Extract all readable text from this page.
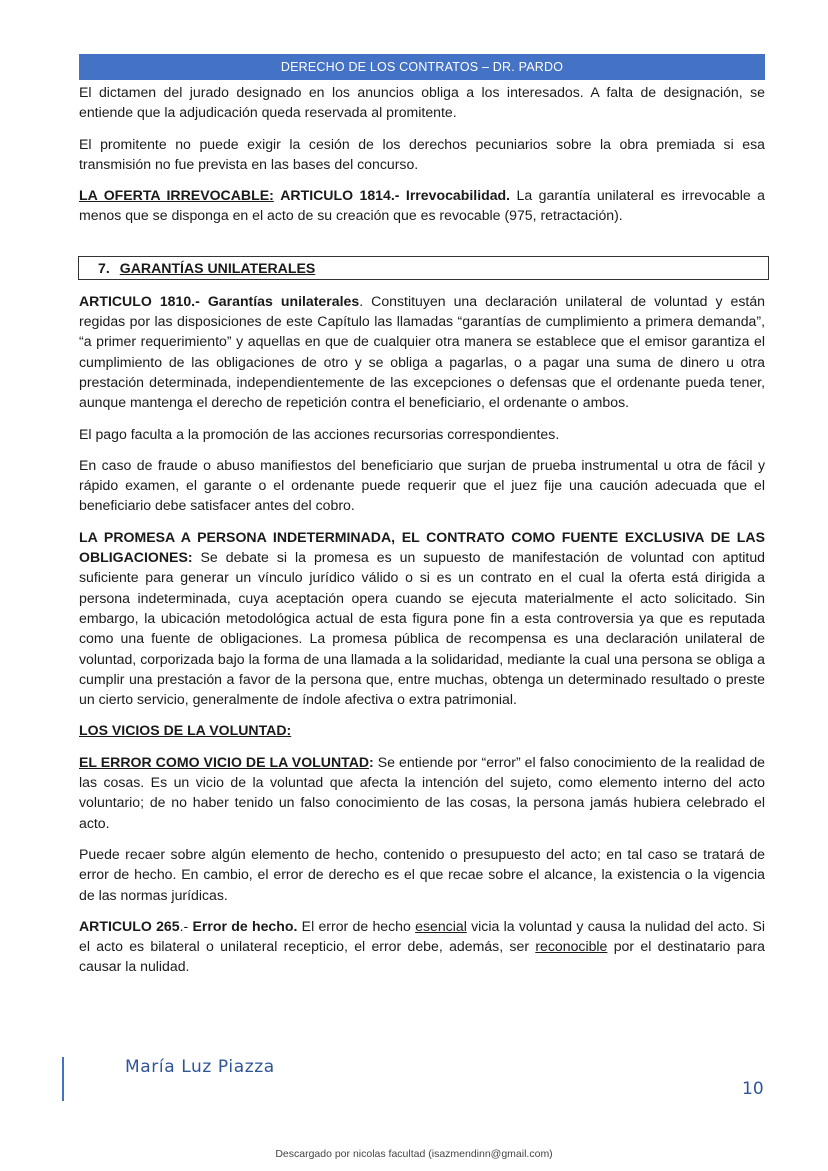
DERECHO DE LOS CONTRATOS – DR. PARDO

El dictamen del jurado designado en los anuncios obliga a los interesados. A falta de designación, se entiende que la adjudicación queda reservada al promitente.

El promitente no puede exigir la cesión de los derechos pecuniarios sobre la obra premiada si esa transmisión no fue prevista en las bases del concurso.

LA OFERTA IRREVOCABLE: ARTICULO 1814.- Irrevocabilidad. La garantía unilateral es irrevocable a menos que se disponga en el acto de su creación que es revocable (975, retractación).

7. GARANTÍAS UNILATERALES

ARTICULO 1810.- Garantías unilaterales. Constituyen una declaración unilateral de voluntad y están regidas por las disposiciones de este Capítulo las llamadas “garantías de cumplimiento a primera demanda”, “a primer requerimiento” y aquellas en que de cualquier otra manera se establece que el emisor garantiza el cumplimiento de las obligaciones de otro y se obliga a pagarlas, o a pagar una suma de dinero u otra prestación determinada, independientemente de las excepciones o defensas que el ordenante pueda tener, aunque mantenga el derecho de repetición contra el beneficiario, el ordenante o ambos.

El pago faculta a la promoción de las acciones recursorias correspondientes.

En caso de fraude o abuso manifiestos del beneficiario que surjan de prueba instrumental u otra de fácil y rápido examen, el garante o el ordenante puede requerir que el juez fije una caución adecuada que el beneficiario debe satisfacer antes del cobro.

LA PROMESA A PERSONA INDETERMINADA, EL CONTRATO COMO FUENTE EXCLUSIVA DE LAS OBLIGACIONES: Se debate si la promesa es un supuesto de manifestación de voluntad con aptitud suficiente para generar un vínculo jurídico válido o si es un contrato en el cual la oferta está dirigida a persona indeterminada, cuya aceptación opera cuando se ejecuta materialmente el acto solicitado. Sin embargo, la ubicación metodológica actual de esta figura pone fin a esta controversia ya que es reputada como una fuente de obligaciones. La promesa pública de recompensa es una declaración unilateral de voluntad, corporizada bajo la forma de una llamada a la solidaridad, mediante la cual una persona se obliga a cumplir una prestación a favor de la persona que, entre muchas, obtenga un determinado resultado o preste un cierto servicio, generalmente de índole afectiva o extra patrimonial.

LOS VICIOS DE LA VOLUNTAD:

EL ERROR COMO VICIO DE LA VOLUNTAD: Se entiende por “error” el falso conocimiento de la realidad de las cosas. Es un vicio de la voluntad que afecta la intención del sujeto, como elemento interno del acto voluntario; de no haber tenido un falso conocimiento de las cosas, la persona jamás hubiera celebrado el acto.

Puede recaer sobre algún elemento de hecho, contenido o presupuesto del acto; en tal caso se tratará de error de hecho. En cambio, el error de derecho es el que recae sobre el alcance, la existencia o la vigencia de las normas jurídicas.

ARTICULO 265.- Error de hecho. El error de hecho esencial vicia la voluntad y causa la nulidad del acto. Si el acto es bilateral o unilateral recepticio, el error debe, además, ser reconocible por el destinatario para causar la nulidad.

María Luz Piazza
10
Descargado por nicolas facultad (isazmendinn@gmail.com)
